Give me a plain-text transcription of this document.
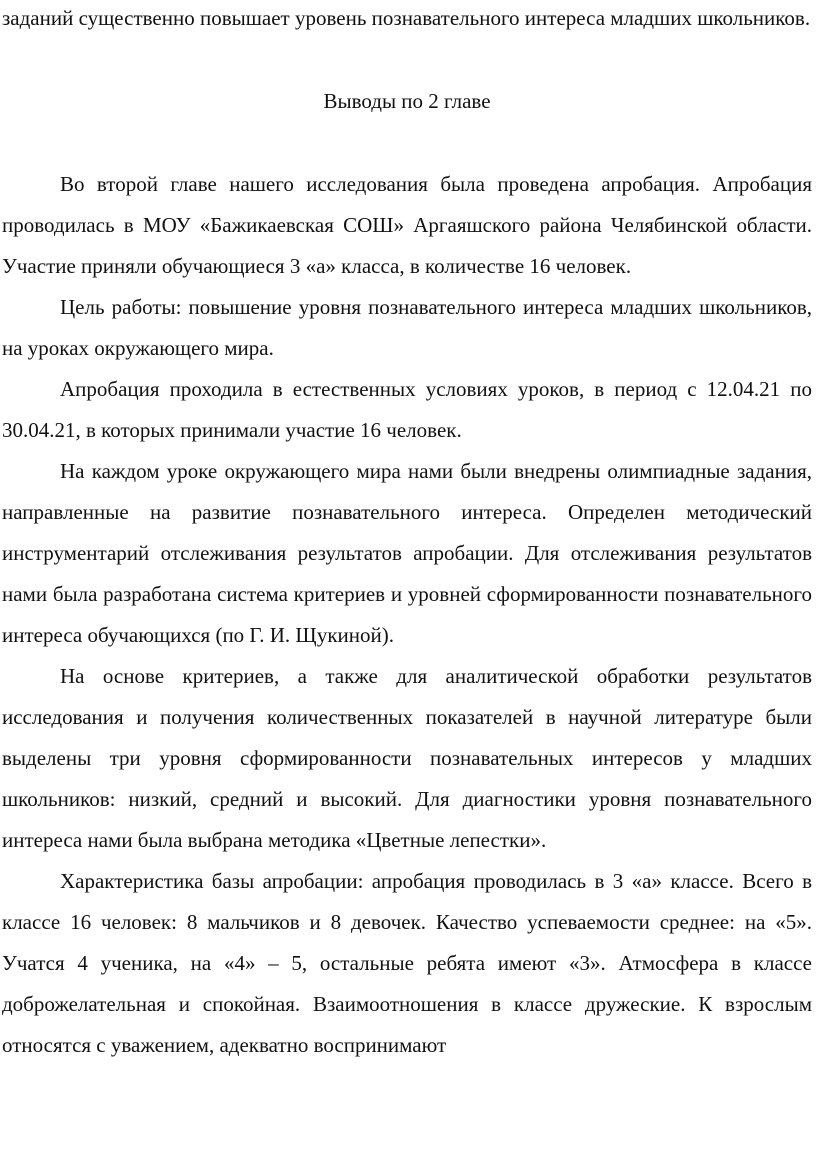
заданий существенно повышает уровень познавательного интереса младших школьников.

Выводы по 2 главе

Во второй главе нашего исследования была проведена апробация. Апробация проводилась в МОУ «Бажикаевская СОШ» Аргаяшского района Челябинской области. Участие приняли обучающиеся 3 «а» класса, в количестве 16 человек.

Цель работы: повышение уровня познавательного интереса младших школьников, на уроках окружающего мира.

Апробация проходила в естественных условиях уроков, в период с 12.04.21 по 30.04.21, в которых принимали участие 16 человек.

На каждом уроке окружающего мира нами были внедрены олимпиадные задания, направленные на развитие познавательного интереса. Определен методический инструментарий отслеживания результатов апробации. Для отслеживания результатов нами была разработана система критериев и уровней сформированности познавательного интереса обучающихся (по Г. И. Щукиной).

На основе критериев, а также для аналитической обработки результатов исследования и получения количественных показателей в научной литературе были выделены три уровня сформированности познавательных интересов у младших школьников: низкий, средний и высокий. Для диагностики уровня познавательного интереса нами была выбрана методика «Цветные лепестки».

Характеристика базы апробации: апробация проводилась в 3 «а» классе. Всего в классе 16 человек: 8 мальчиков и 8 девочек. Качество успеваемости среднее: на «5». Учатся 4 ученика, на «4» – 5, остальные ребята имеют «3». Атмосфера в классе доброжелательная и спокойная. Взаимоотношения в классе дружеские. К взрослым относятся с уважением, адекватно воспринимают
